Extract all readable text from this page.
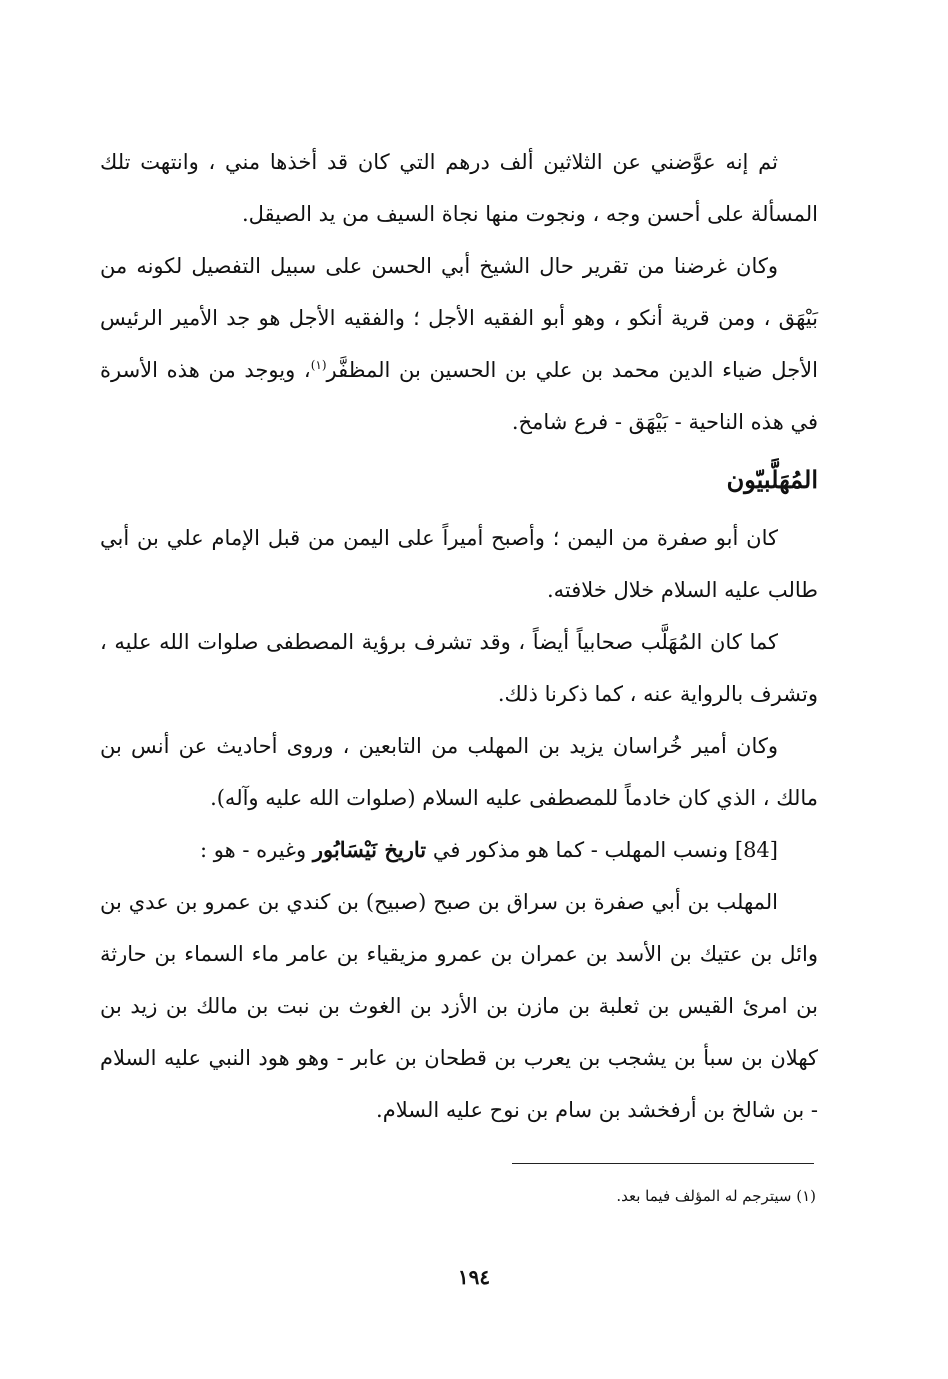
ثم إنه عوَّضني عن الثلاثين ألف درهم التي كان قد أخذها مني ، وانتهت تلك المسألة على أحسن وجه ، ونجوت منها نجاة السيف من يد الصيقل.

وكان غرضنا من تقرير حال الشيخ أبي الحسن على سبيل التفصيل لكونه من بَيْهَق ، ومن قرية أنكو ، وهو أبو الفقيه الأجل ؛ والفقيه الأجل هو جد الأمير الرئيس الأجل ضياء الدين محمد بن علي بن الحسين بن المظفَّر$^{(١)}$، ويوجد من هذه الأسرة في هذه الناحية - بَيْهَق - فرع شامخ.

المُهَلَّبيّون

كان أبو صفرة من اليمن ؛ وأصبح أميراً على اليمن من قبل الإمام علي بن أبي طالب عليه السلام خلال خلافته.

كما كان المُهَلَّب صحابياً أيضاً ، وقد تشرف برؤية المصطفى صلوات الله عليه ، وتشرف بالرواية عنه ، كما ذكرنا ذلك.

وكان أمير خُراسان يزيد بن المهلب من التابعين ، وروى أحاديث عن أنس بن مالك ، الذي كان خادماً للمصطفى عليه السلام (صلوات الله عليه وآله).

[84] ونسب المهلب - كما هو مذكور في تاريخ نَيْسَابُور وغيره - هو :

المهلب بن أبي صفرة بن سراق بن صبح (صبيح) بن كندي بن عمرو بن عدي بن وائل بن عتيك بن الأسد بن عمران بن عمرو مزيقياء بن عامر ماء السماء بن حارثة بن امرئ القيس بن ثعلبة بن مازن بن الأزد بن الغوث بن نبت بن مالك بن زيد بن كهلان بن سبأ بن يشجب بن يعرب بن قطحان بن عابر - وهو هود النبي عليه السلام - بن شالخ بن أرفخشد بن سام بن نوح عليه السلام.

(١) سيترجم له المؤلف فيما بعد.
١٩٤
